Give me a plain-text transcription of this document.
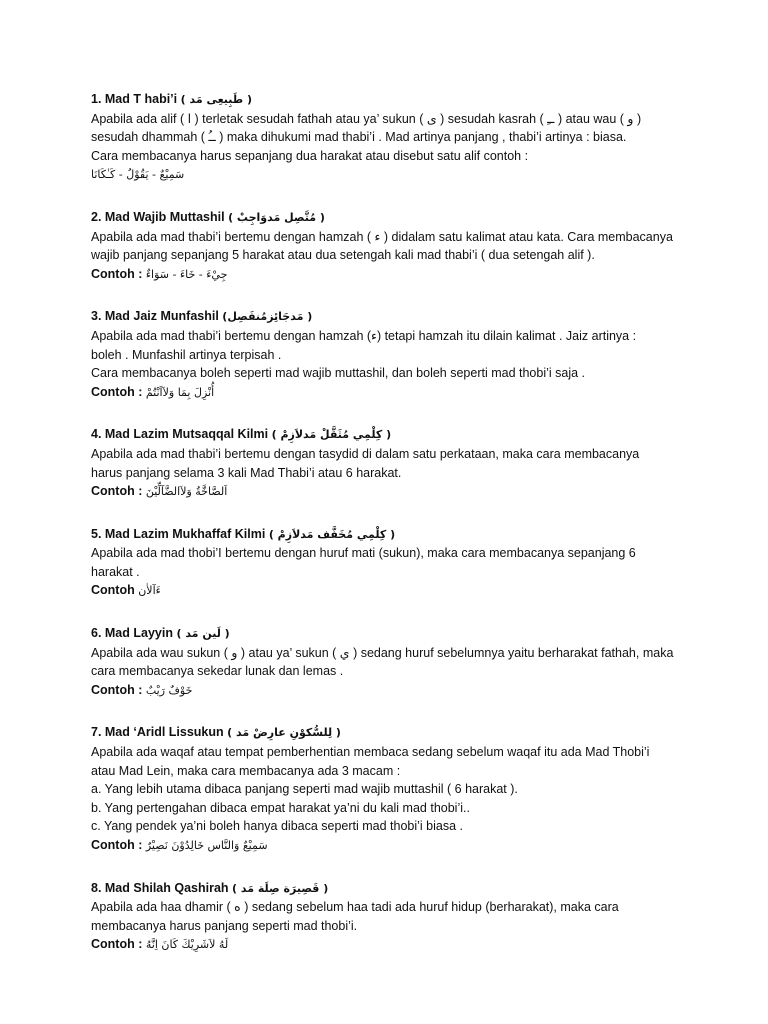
1. Mad T habi’i ( طَبِيعِى مَد )
Apabila ada alif ( ا ) terletak sesudah fathah atau ya’ sukun ( ى ) sesudah kasrah ( ــِ ) atau wau ( و )
sesudah dhammah ( ــُ ) maka dihukumi mad thabi’i . Mad artinya panjang , thabi’i artinya : biasa.
Cara membacanya harus sepanjang dua harakat atau disebut satu alif contoh :
سَمِيْعٌ - يَقُوْلُ - كَـٰكَانَا
2. Mad Wajib Muttashil ( مُتَّصِل مَدوَاجِبْ )
Apabila ada mad thabi’i bertemu dengan hamzah ( ء ) didalam satu kalimat atau kata. Cara membacanya
wajib panjang sepanjang 5 harakat atau dua setengah kali mad thabi’i ( dua setengah alif ).
Contoh : جِيْءَ - خَاءَ - سَوَاءٌ
3. Mad Jaiz Munfashil ( مَدجَائِزمُنفَصِل)
Apabila ada mad thabi’i bertemu dengan hamzah (ء) tetapi hamzah itu dilain kalimat . Jaiz artinya :
boleh . Munfashil artinya terpisah .
Cara membacanya boleh seperti mad wajib muttashil, dan boleh seperti mad thobi’i saja .
Contoh : أُنْزِلَ بِمَا وَلاَاَنْتُمْ
4. Mad Lazim Mutsaqqal Kilmi ( كِلْمِي مُثَقَّلْ مَدلاَزِمْ )
Apabila ada mad thabi’i bertemu dengan tasydid di dalam satu perkataan, maka cara membacanya
harus panjang selama 3 kali Mad Thabi’i atau 6 harakat.
Contoh : اَلصَّاخَّةُ وَلاَالضَّآلِّيْنَ
5. Mad Lazim Mukhaffaf Kilmi ( كِلْمِي مُخَفَّف مَدلاَزِمْ )
Apabila ada mad thobi’I bertemu dengan huruf mati (sukun), maka cara membacanya sepanjang 6
harakat .
Contoh ءَآلاٰن
6. Mad Layyin ( لَين مَد )
Apabila ada wau sukun ( و ) atau ya’ sukun ( ي ) sedang huruf sebelumnya yaitu berharakat fathah, maka
cara membacanya sekedar lunak dan lemas .
Contoh : خَوْفٌ رَيْبٌ
7. Mad ‘Aridl Lissukun ( لِلسُّكوْنِ عارِضْ مَد )
Apabila ada waqaf atau tempat pemberhentian membaca sedang sebelum waqaf itu ada Mad Thobi’i
atau Mad Lein, maka cara membacanya ada 3 macam :
a. Yang lebih utama dibaca panjang seperti mad wajib muttashil ( 6 harakat ).
b. Yang pertengahan dibaca empat harakat ya’ni du kali mad thobi’i..
c. Yang pendek ya’ni boleh hanya dibaca seperti mad thobi’i biasa .
Contoh : سَمِيْعٌ وَالنَّاس خَالِدُوْنَ نَصِيْرٌ
8. Mad Shilah Qashirah ( قَصِيرَة صِلَة مَد )
Apabila ada haa dhamir ( ه ) sedang sebelum haa tadi ada huruf hidup (berharakat), maka cara
membacanya harus panjang seperti mad thobi’i.
Contoh : لَهُ لاَشَرِيْكَ كَانَ اِنَّهُ
